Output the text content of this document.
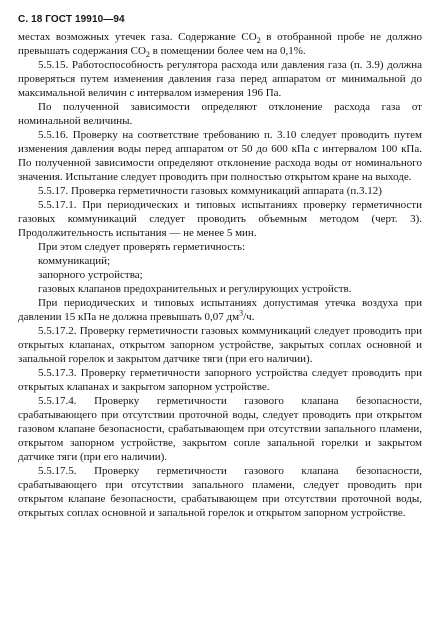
С. 18 ГОСТ 19910—94

местах возможных утечек газа. Содержание $СО_2$ в отобранной пробе не должно превышать содержания $СО_2$ в помещении более чем на 0,1%.

5.5.15. Работоспособность регулятора расхода или давления газа (п. 3.9) должна проверяться путем изменения давления газа перед аппаратом от минимальной до максимальной величин с интервалом измерения 196 Па.

По полученной зависимости определяют отклонение расхода газа от номинальной величины.

5.5.16. Проверку на соответствие требованию п. 3.10 следует проводить путем изменения давления воды перед аппаратом от 50 до 600 кПа с интервалом 100 кПа. По полученной зависимости определяют отклонение расхода воды от номинального значения. Испытание следует проводить при полностью открытом кране на выходе.

5.5.17. Проверка герметичности газовых коммуникаций аппарата (п.3.12)

5.5.17.1. При периодических и типовых испытаниях проверку герметичности газовых коммуникаций следует проводить объемным методом (черт. 3). Продолжительность испытания — не менее 5 мин.

При этом следует проверять герметичность:

коммуникаций;

запорного устройства;

газовых клапанов предохранительных и регулирующих устройств.

При периодических и типовых испытаниях допустимая утечка воздуха при давлении 15 кПа не должна превышать 0,07 $дм^3/ч$.

5.5.17.2. Проверку герметичности газовых коммуникаций следует проводить при открытых клапанах, открытом запорном устройстве, закрытых соплах основной и запальной горелок и закрытом датчике тяги (при его наличии).

5.5.17.3. Проверку герметичности запорного устройства следует проводить при открытых клапанах и закрытом запорном устройстве.

5.5.17.4. Проверку герметичности газового клапана безопасности, срабатывающего при отсутствии проточной воды, следует проводить при открытом газовом клапане безопасности, срабатывающем при отсутствии запального пламени, открытом запорном устройстве, закрытом сопле запальной горелки и закрытом датчике тяги (при его наличии).

5.5.17.5. Проверку герметичности газового клапана безопасности, срабатывающего при отсутствии запального пламени, следует проводить при открытом клапане безопасности, срабатывающем при отсутствии проточной воды, открытых соплах основной и запальной горелок и открытом запорном устройстве.
